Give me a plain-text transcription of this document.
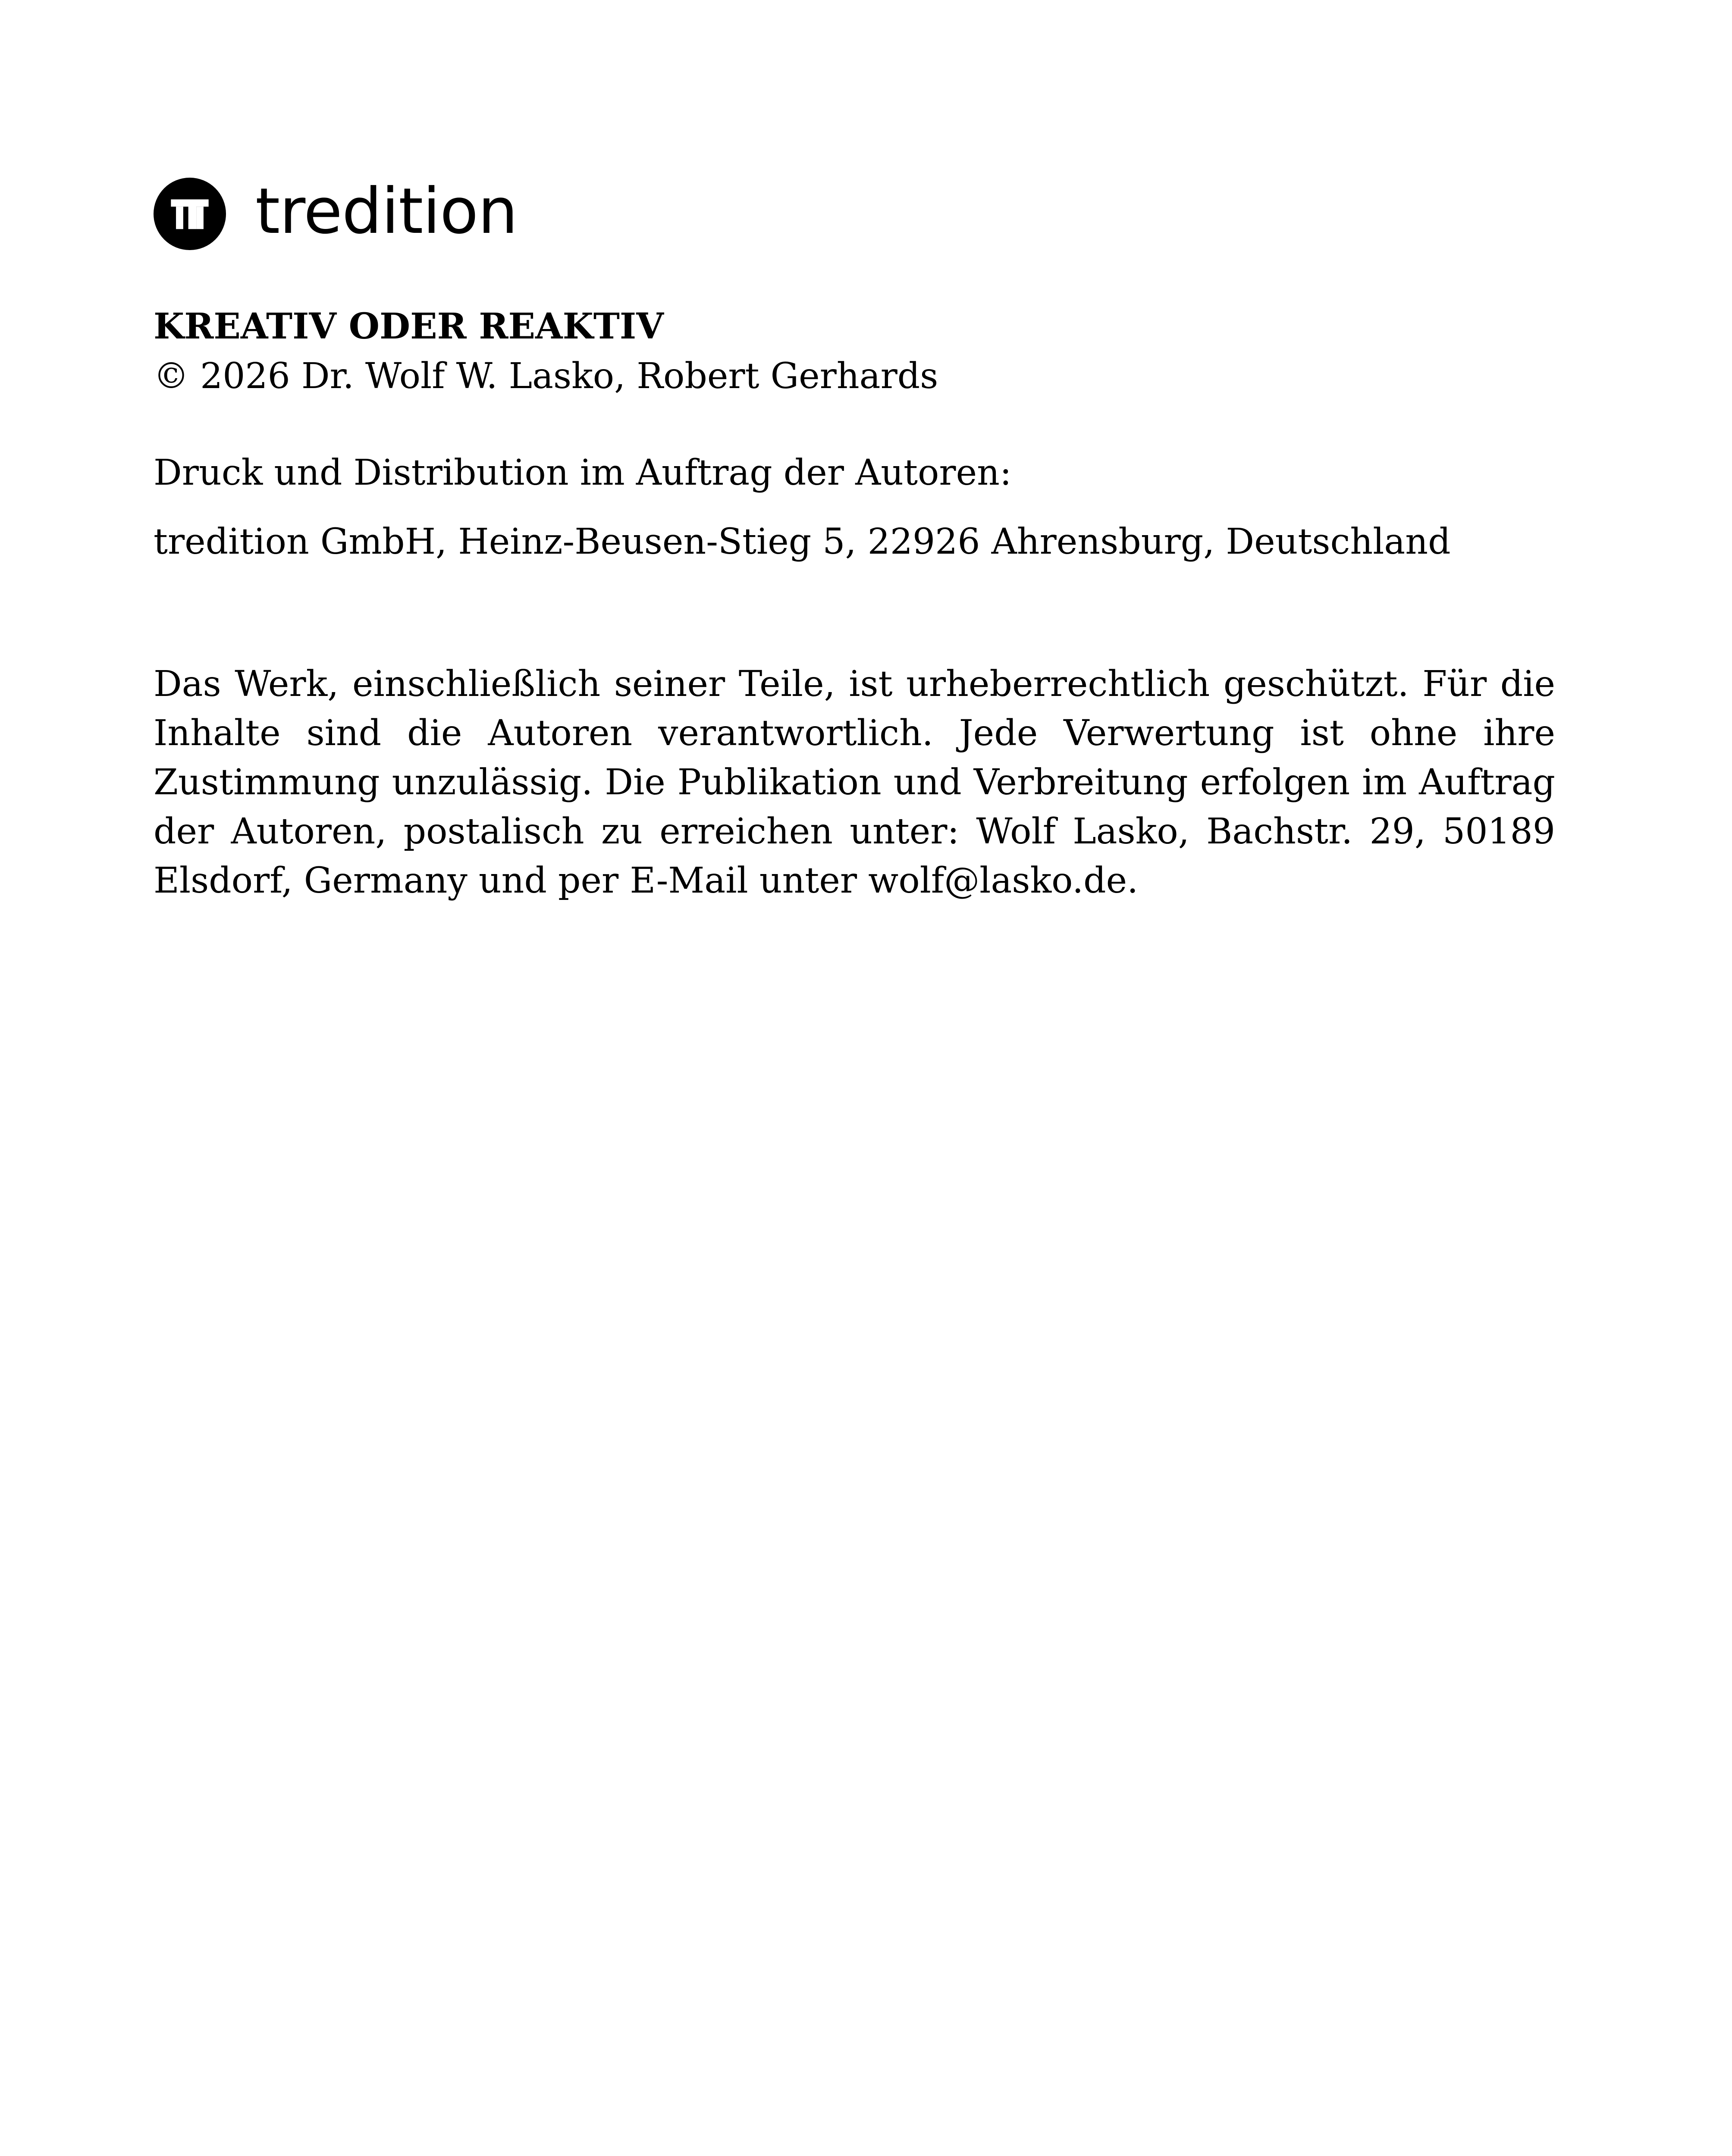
tredition
KREATIV ODER REAKTIV
© 2026 Dr. Wolf W. Lasko, Robert Gerhards
Druck und Distribution im Auftrag der Autoren:
tredition GmbH, Heinz-Beusen-Stieg 5, 22926 Ahrensburg, Deutschland
Das Werk, einschließlich seiner Teile, ist urheberrechtlich geschützt. Für die Inhalte sind die Autoren verantwortlich. Jede Verwertung ist ohne ihre Zustimmung unzulässig. Die Publikation und Verbreitung erfolgen im Auftrag der Autoren, postalisch zu erreichen unter: Wolf Lasko, Bachstr. 29, 50189 Elsdorf, Germany und per E-Mail unter wolf@lasko.de.
